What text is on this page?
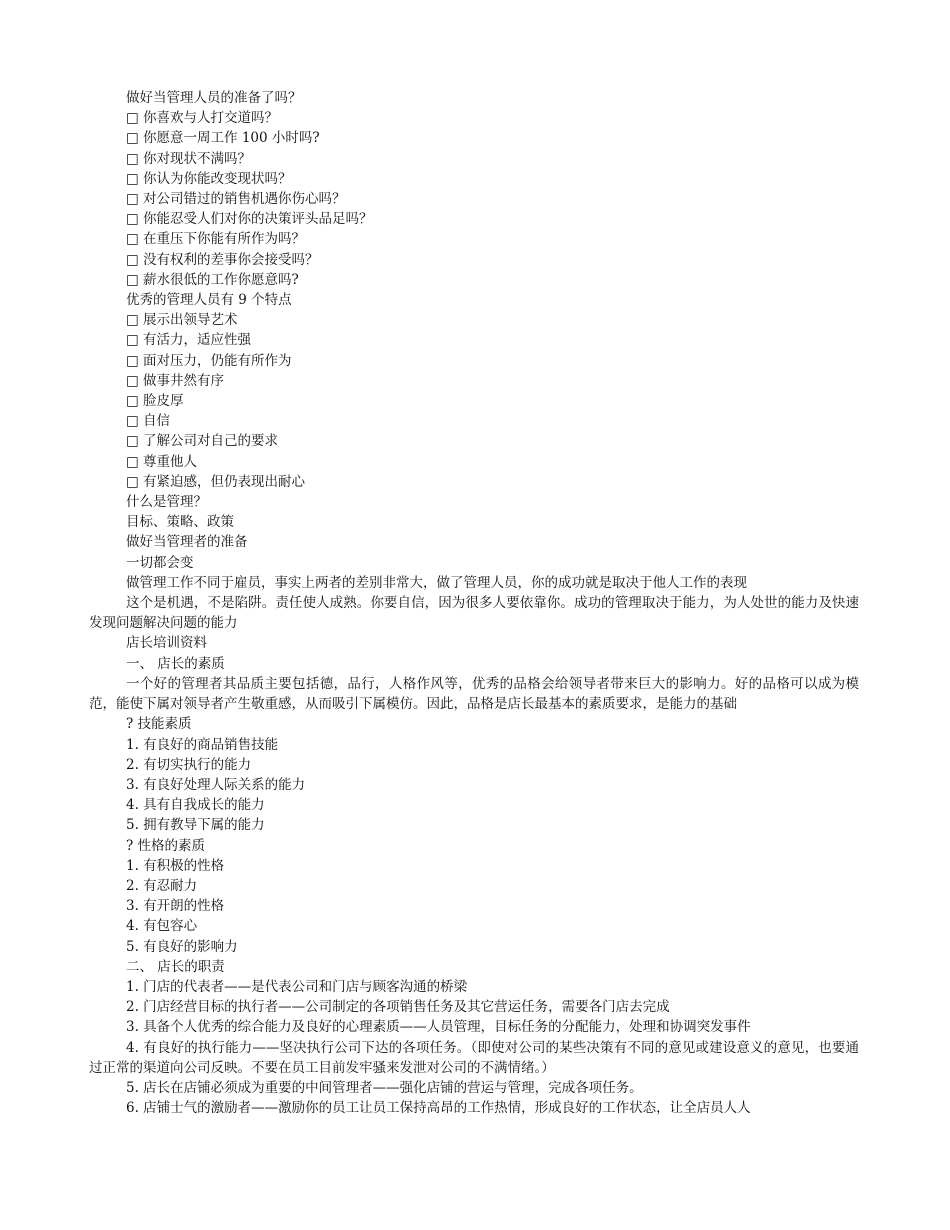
做好当管理人员的准备了吗？

□ 你喜欢与人打交道吗？

□ 你愿意一周工作 100 小时吗?

□ 你对现状不满吗？

□ 你认为你能改变现状吗？

□ 对公司错过的销售机遇你伤心吗？

□ 你能忍受人们对你的决策评头品足吗？

□ 在重压下你能有所作为吗？

□ 没有权利的差事你会接受吗？

□ 薪水很低的工作你愿意吗?

优秀的管理人员有 9 个特点

□ 展示出领导艺术

□ 有活力，适应性强

□ 面对压力，仍能有所作为

□ 做事井然有序

□ 脸皮厚

□ 自信

□ 了解公司对自己的要求

□ 尊重他人

□ 有紧迫感，但仍表现出耐心

什么是管理？

目标、策略、政策

做好当管理者的准备

一切都会变

做管理工作不同于雇员，事实上两者的差别非常大，做了管理人员，你的成功就是取决于他人工作的表现

这个是机遇，不是陷阱。责任使人成熟。你要自信，因为很多人要依靠你。成功的管理取决于能力，为人处世的能力及快速发现问题解决问题的能力

店长培训资料

一、 店长的素质

一个好的管理者其品质主要包括德，品行，人格作风等，优秀的品格会给领导者带来巨大的影响力。好的品格可以成为模范，能使下属对领导者产生敬重感，从而吸引下属模仿。因此，品格是店长最基本的素质要求，是能力的基础

? 技能素质

1. 有良好的商品销售技能

2. 有切实执行的能力

3. 有良好处理人际关系的能力

4. 具有自我成长的能力

5. 拥有教导下属的能力

? 性格的素质

1. 有积极的性格

2. 有忍耐力

3. 有开朗的性格

4. 有包容心

5. 有良好的影响力

二、 店长的职责

1. 门店的代表者——是代表公司和门店与顾客沟通的桥梁

2. 门店经营目标的执行者——公司制定的各项销售任务及其它营运任务，需要各门店去完成

3. 具备个人优秀的综合能力及良好的心理素质——人员管理，目标任务的分配能力，处理和协调突发事件

4. 有良好的执行能力——坚决执行公司下达的各项任务。（即使对公司的某些决策有不同的意见或建设意义的意见，也要通过正常的渠道向公司反映。不要在员工目前发牢骚来发泄对公司的不满情绪。）

5. 店长在店铺必须成为重要的中间管理者——强化店铺的营运与管理，完成各项任务。

6. 店铺士气的激励者——激励你的员工让员工保持高昂的工作热情，形成良好的工作状态，让全店员人人
